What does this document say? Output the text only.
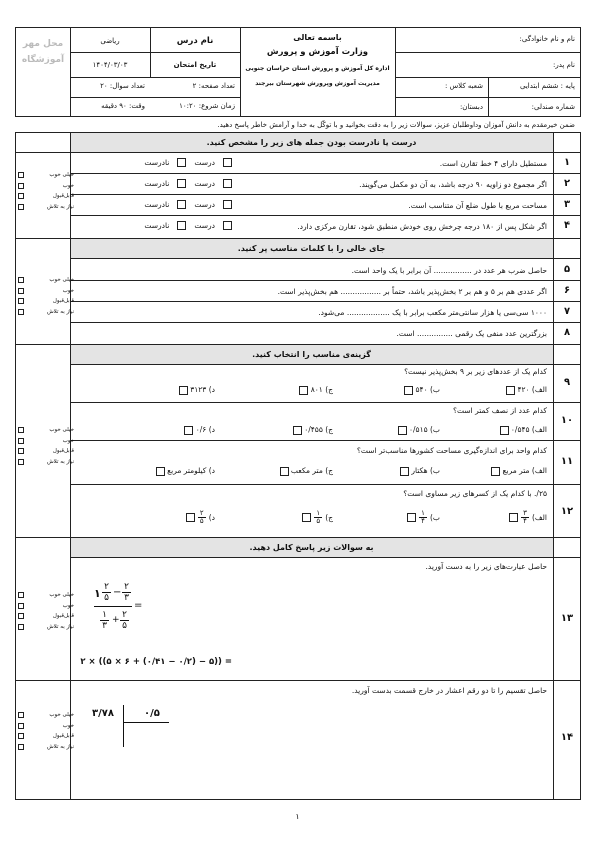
نام و نام خانوادگی:
نام پدر:
پایه : ششم ابتدایی
شعبه کلاس :
شماره صندلی:
دبستان:
باسمه تعالی
وزارت آموزش و پرورش
اداره کل آموزش و پرورش استان خراسان جنوبی
مدیریت آموزش وپرورش شهرستان بیرجند
نام درس
ریاضی
تاریخ امتحان
۱۴۰۴/۰۳/۰۳
تعداد صفحه: ۲
تعداد سوال: ۲۰
زمان شروع: ۱۰:۲۰
وقت: ۹۰ دقیقه
محل مهر آموزشگاه
ضمن خیرمقدم به دانش آموزان وداوطلبان عزیز، سوالات زیر را به دقت بخوانید و با توکّل به خدا و آرامش خاطر پاسخ دهید.
درست یا نادرست بودن جمله های زیر را مشخص کنید.
خیلی خوب
خوب
قابل‌قبول
نیاز به تلاش
۱
مستطیل دارای ۴ خط تقارن است.
۲
اگر مجموع دو زاویه ۹۰ درجه باشد، به آن دو مکمل می‌گویند.
۳
مساحت مربع با طول ضلع آن متناسب است.
۴
اگر شکل پس از ۱۸۰ درجه چرخش روی خودش منطبق شود، تقارن مرکزی دارد.
درست
نادرست
درست
نادرست
درست
نادرست
درست
نادرست
جای خالی را با کلمات مناسب پر کنید.
خیلی خوب
خوب
قابل‌قبول
نیاز به تلاش
۵
حاصل ضرب هر عدد در ................ آن برابر با یک واحد است.
۶
اگر عددی هم بر ۵ و هم بر ۲ بخش‌پذیر باشد، حتماً بر ................. هم بخش‌پذیر است.
۷
۱۰۰۰ سی‌سی یا هزار سانتی‌متر مکعب برابر با یک .................. می‌شود.
۸
بزرگترین عدد منفی یک رقمی ............... است.
گزینه‌ی مناسب را انتخاب کنید.
خیلی خوب
خوب
قابل‌قبول
نیاز به تلاش
۹
کدام یک از عددهای زیر بر ۹ بخش‌پذیر نیست؟
الف) ۴۲۰
ب) ۵۴۰
ج) ۸۰۱
د) ۳۱۲۳
۱۰
کدام عدد از نصف کمتر است؟
الف) ۰/۵۴۵
ب) ۰/۵۱۵
ج) ۰/۴۵۵
د) ۰/۶
۱۱
کدام واحد برای اندازه‌گیری مساحت کشورها مناسب‌تر است؟
الف) متر مربع
ب) هکتار
ج) متر مکعب
د) کیلومتر مربع
۱۲
۲۵/. با کدام یک از کسرهای زیر مساوی است؟
الف)
$\frac{۳}{۴}$
ب)
$\frac{۱}{۴}$
ج)
$\frac{۱}{۵}$
د)
$\frac{۲}{۵}$
به سوالات زیر پاسخ کامل دهید.
خیلی خوب
خوب
قابل‌قبول
نیاز به تلاش
۱۳
حاصل عبارت‌های زیر را به دست آورید.
۱ ۲
۵ − ۲
۳
=
۱
۳
+ ۲
۵
= ((۵ − (۰/۲ − ۰/۴۱) + ۶ × ۵)) × ۲
خیلی خوب
خوب
قابل‌قبول
نیاز به تلاش
۱۴
حاصل تقسیم را تا دو رقم اعشار در خارج قسمت بدست آورید.
۳/۷۸	۰/۵
۱
